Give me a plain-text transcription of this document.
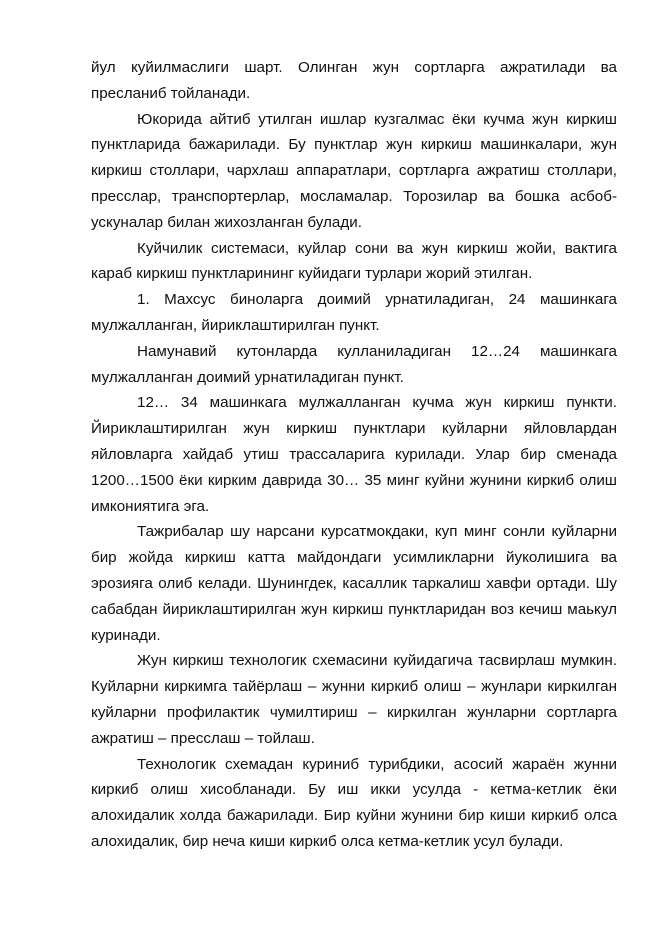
йул куйилмаслиги шарт. Олинган жун сортларга ажратилади ва пресланиб тойланади.

Юкорида айтиб утилган ишлар кузгалмас ёки кучма жун киркиш пунктларида бажарилади. Бу пунктлар жун киркиш машинкалари, жун киркиш столлари, чархлаш аппаратлари, сортларга ажратиш столлари, пресслар, транспортерлар, мосламалар. Торозилар ва бошка асбоб-ускуналар билан жихозланган булади.

Куйчилик системаси, куйлар сони ва жун киркиш жойи, вактига караб киркиш пунктларининг куйидаги турлари жорий этилган.

1. Махсус биноларга доимий урнатиладиган, 24 машинкага мулжалланган, йириклаштирилган пункт.

Намунавий кутонларда кулланиладиган 12…24 машинкага мулжалланган доимий урнатиладиган пункт.

12… 34 машинкага мулжалланган кучма жун киркиш пункти. Йириклаштирилган жун киркиш пунктлари куйларни яйловлардан яйловларга хайдаб утиш трассаларига курилади. Улар бир сменада 1200…1500 ёки кирким даврида 30… 35 минг куйни жунини киркиб олиш имкониятига эга.

Тажрибалар шу нарсани курсатмокдаки, куп минг сонли куйларни бир жойда киркиш катта майдондаги усимликларни йуколишига ва эрозияга олиб келади. Шунингдек, касаллик таркалиш хавфи ортади. Шу сабабдан йириклаштирилган жун киркиш пунктларидан воз кечиш маькул куринади.

Жун киркиш технологик схемасини куйидагича тасвирлаш мумкин. Куйларни киркимга тайёрлаш – жунни киркиб олиш – жунлари киркилган куйларни профилактик чумилтириш – киркилган жунларни сортларга ажратиш – пресслаш – тойлаш.

Технологик схемадан куриниб турибдики, асосий жараён жунни киркиб олиш хисобланади. Бу иш икки усулда - кетма-кетлик ёки алохидалик холда бажарилади. Бир куйни жунини бир киши киркиб олса алохидалик, бир неча киши киркиб олса кетма-кетлик усул булади.
